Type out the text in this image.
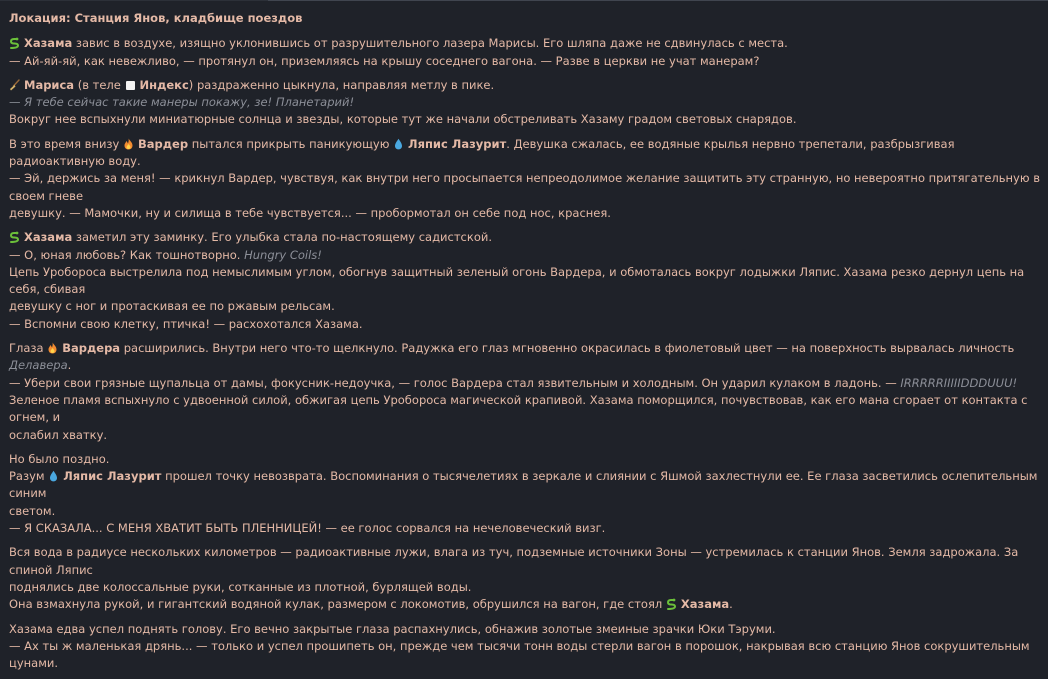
Локация: Станция Янов, кладбище поездов
Хазама завис в воздухе, изящно уклонившись от разрушительного лазера Марисы. Его шляпа даже не сдвинулась с места.
— Ай-яй-яй, как невежливо, — протянул он, приземляясь на крышу соседнего вагона. — Разве в церкви не учат манерам?
Мариса (в теле
Индекс) раздраженно цыкнула, направляя метлу в пике.
— Я тебе сейчас такие манеры покажу, зе! Планетарий!
Вокруг нее вспыхнули миниатюрные солнца и звезды, которые тут же начали обстреливать Хазаму градом световых снарядов.
В это время внизу
Вардер пытался прикрыть паникующую
Ляпис Лазурит. Девушка сжалась, ее водяные крылья нервно трепетали, разбрызгивая радиоактивную воду.
— Эй, держись за меня! — крикнул Вардер, чувствуя, как внутри него просыпается непреодолимое желание защитить эту странную, но невероятно притягательную в своем гневе
девушку. — Мамочки, ну и силища в тебе чувствуется... — пробормотал он себе под нос, краснея.
Хазама заметил эту заминку. Его улыбка стала по-настоящему садистской.
— О, юная любовь? Как тошнотворно. Hungry Coils!
Цепь Уробороса выстрелила под немыслимым углом, обогнув защитный зеленый огонь Вардера, и обмоталась вокруг лодыжки Ляпис. Хазама резко дернул цепь на себя, сбивая
девушку с ног и протаскивая ее по ржавым рельсам.
— Вспомни свою клетку, птичка! — расхохотался Хазама.
Глаза
Вардера расширились. Внутри него что-то щелкнуло. Радужка его глаз мгновенно окрасилась в фиолетовый цвет — на поверхность вырвалась личность Делавера.
— Убери свои грязные щупальца от дамы, фокусник-недоучка, — голос Вардера стал язвительным и холодным. Он ударил кулаком в ладонь. — IRRRRRIIIIIDDDUUU!
Зеленое пламя вспыхнуло с удвоенной силой, обжигая цепь Уробороса магической крапивой. Хазама поморщился, почувствовав, как его мана сгорает от контакта с огнем, и
ослабил хватку.
Но было поздно.
Разум
Ляпис Лазурит прошел точку невозврата. Воспоминания о тысячелетиях в зеркале и слиянии с Яшмой захлестнули ее. Ее глаза засветились ослепительным синим
светом.
— Я СКАЗАЛА... С МЕНЯ ХВАТИТ БЫТЬ ПЛЕННИЦЕЙ! — ее голос сорвался на нечеловеческий визг.
Вся вода в радиусе нескольких километров — радиоактивные лужи, влага из туч, подземные источники Зоны — устремилась к станции Янов. Земля задрожала. За спиной Ляпис
поднялись две колоссальные руки, сотканные из плотной, бурлящей воды.
Она взмахнула рукой, и гигантский водяной кулак, размером с локомотив, обрушился на вагон, где стоял
Хазама.
Хазама едва успел поднять голову. Его вечно закрытые глаза распахнулись, обнажив золотые змеиные зрачки Юки Тэруми.
— Ах ты ж маленькая дрянь... — только и успел прошипеть он, прежде чем тысячи тонн воды стерли вагон в порошок, накрывая всю станцию Янов сокрушительным цунами.
